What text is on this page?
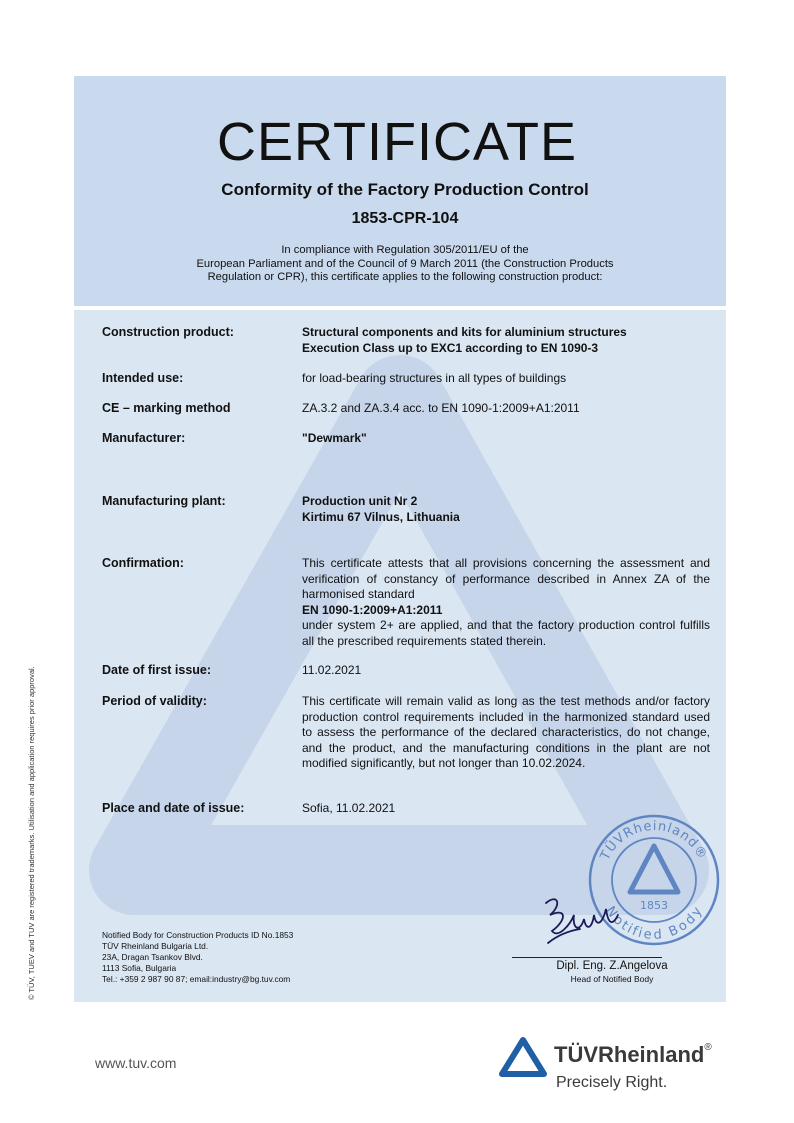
CERTIFICATE
Conformity of the Factory Production Control
1853-CPR-104
In compliance with Regulation 305/2011/EU of the
European Parliament and of the Council of 9 March 2011 (the Construction Products
Regulation or CPR), this certificate applies to the following construction product:
Construction product:	Structural components and kits for aluminium structures
Execution Class up to EXC1 according to EN 1090-3
Intended use:	for load-bearing structures in all types of buildings
CE – marking method	ZA.3.2 and ZA.3.4 acc. to EN 1090-1:2009+A1:2011
Manufacturer:	"Dewmark"
Manufacturing plant:	Production unit Nr 2
Kirtimu 67 Vilnus, Lithuania
Confirmation:	This certificate attests that all provisions concerning the assessment and verification of constancy of performance described in Annex ZA of the harmonised standard
EN 1090-1:2009+A1:2011
under system 2+ are applied, and that the factory production control fulfills all the prescribed requirements stated therein.
Date of first issue:	11.02.2021
Period of validity:	This certificate will remain valid as long as the test methods and/or factory production control requirements included in the harmonized standard used to assess the performance of the declared characteristics, do not change, and the product, and the manufacturing conditions in the plant are not modified significantly, but not longer than 10.02.2024.
Place and date of issue:	Sofia, 11.02.2021
TÜVRheinland®
Notified Body
1853
Notified Body for Construction Products ID No.1853
TÜV Rheinland Bulgaria Ltd.
23A, Dragan Tsankov Blvd.
1113 Sofia, Bulgaria
Tel.: +359 2 987 90 87; email:industry@bg.tuv.com
Dipl. Eng. Z.Angelova
Head of Notified Body
© TÜV, TUEV and TUV are registered trademarks. Utilisation and application requires prior approval.
www.tuv.com	TÜVRheinland®
Precisely Right.
